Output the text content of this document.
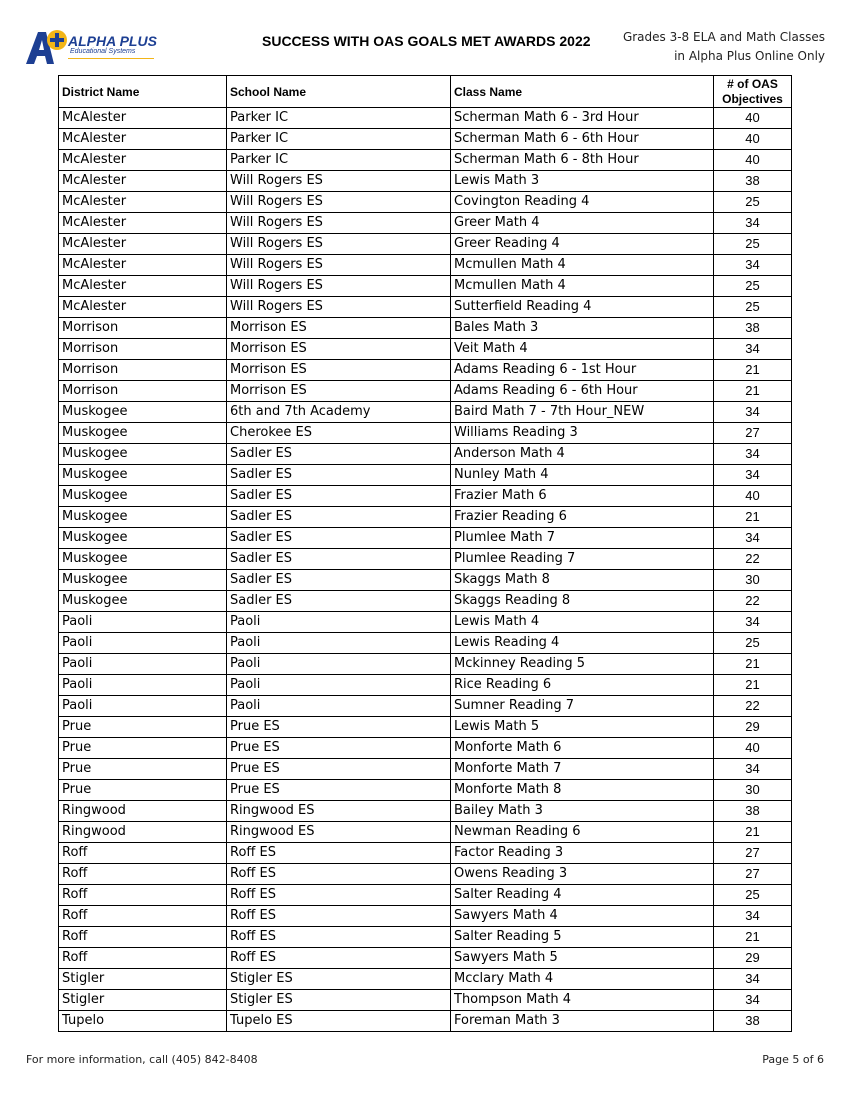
ALPHA PLUS
Educational Systems
SUCCESS WITH OAS GOALS MET AWARDS 2022	Grades 3-8 ELA and Math Classes
in Alpha Plus Online Only
District Name	School Name	Class Name	# of OAS
Objectives
McAlester	Parker IC	Scherman Math 6 - 3rd Hour	40
McAlester	Parker IC	Scherman Math 6 - 6th Hour	40
McAlester	Parker IC	Scherman Math 6 - 8th Hour	40
McAlester	Will Rogers ES	Lewis Math 3	38
McAlester	Will Rogers ES	Covington Reading 4	25
McAlester	Will Rogers ES	Greer Math 4	34
McAlester	Will Rogers ES	Greer Reading 4	25
McAlester	Will Rogers ES	Mcmullen Math 4	34
McAlester	Will Rogers ES	Mcmullen Math 4	25
McAlester	Will Rogers ES	Sutterfield Reading 4	25
Morrison	Morrison ES	Bales Math 3	38
Morrison	Morrison ES	Veit Math 4	34
Morrison	Morrison ES	Adams Reading 6 - 1st Hour	21
Morrison	Morrison ES	Adams Reading 6 - 6th Hour	21
Muskogee	6th and 7th Academy	Baird Math 7 - 7th Hour_NEW	34
Muskogee	Cherokee ES	Williams Reading 3	27
Muskogee	Sadler ES	Anderson Math 4	34
Muskogee	Sadler ES	Nunley Math 4	34
Muskogee	Sadler ES	Frazier Math 6	40
Muskogee	Sadler ES	Frazier Reading 6	21
Muskogee	Sadler ES	Plumlee Math 7	34
Muskogee	Sadler ES	Plumlee Reading 7	22
Muskogee	Sadler ES	Skaggs Math 8	30
Muskogee	Sadler ES	Skaggs Reading 8	22
Paoli	Paoli	Lewis Math 4	34
Paoli	Paoli	Lewis Reading 4	25
Paoli	Paoli	Mckinney Reading 5	21
Paoli	Paoli	Rice Reading 6	21
Paoli	Paoli	Sumner Reading 7	22
Prue	Prue ES	Lewis Math 5	29
Prue	Prue ES	Monforte Math 6	40
Prue	Prue ES	Monforte Math 7	34
Prue	Prue ES	Monforte Math 8	30
Ringwood	Ringwood ES	Bailey Math 3	38
Ringwood	Ringwood ES	Newman Reading 6	21
Roff	Roff ES	Factor Reading 3	27
Roff	Roff ES	Owens Reading 3	27
Roff	Roff ES	Salter Reading 4	25
Roff	Roff ES	Sawyers Math 4	34
Roff	Roff ES	Salter Reading 5	21
Roff	Roff ES	Sawyers Math 5	29
Stigler	Stigler ES	Mcclary Math 4	34
Stigler	Stigler ES	Thompson Math 4	34
Tupelo	Tupelo ES	Foreman Math 3	38
For more information, call (405) 842-8408	Page 5 of 6
